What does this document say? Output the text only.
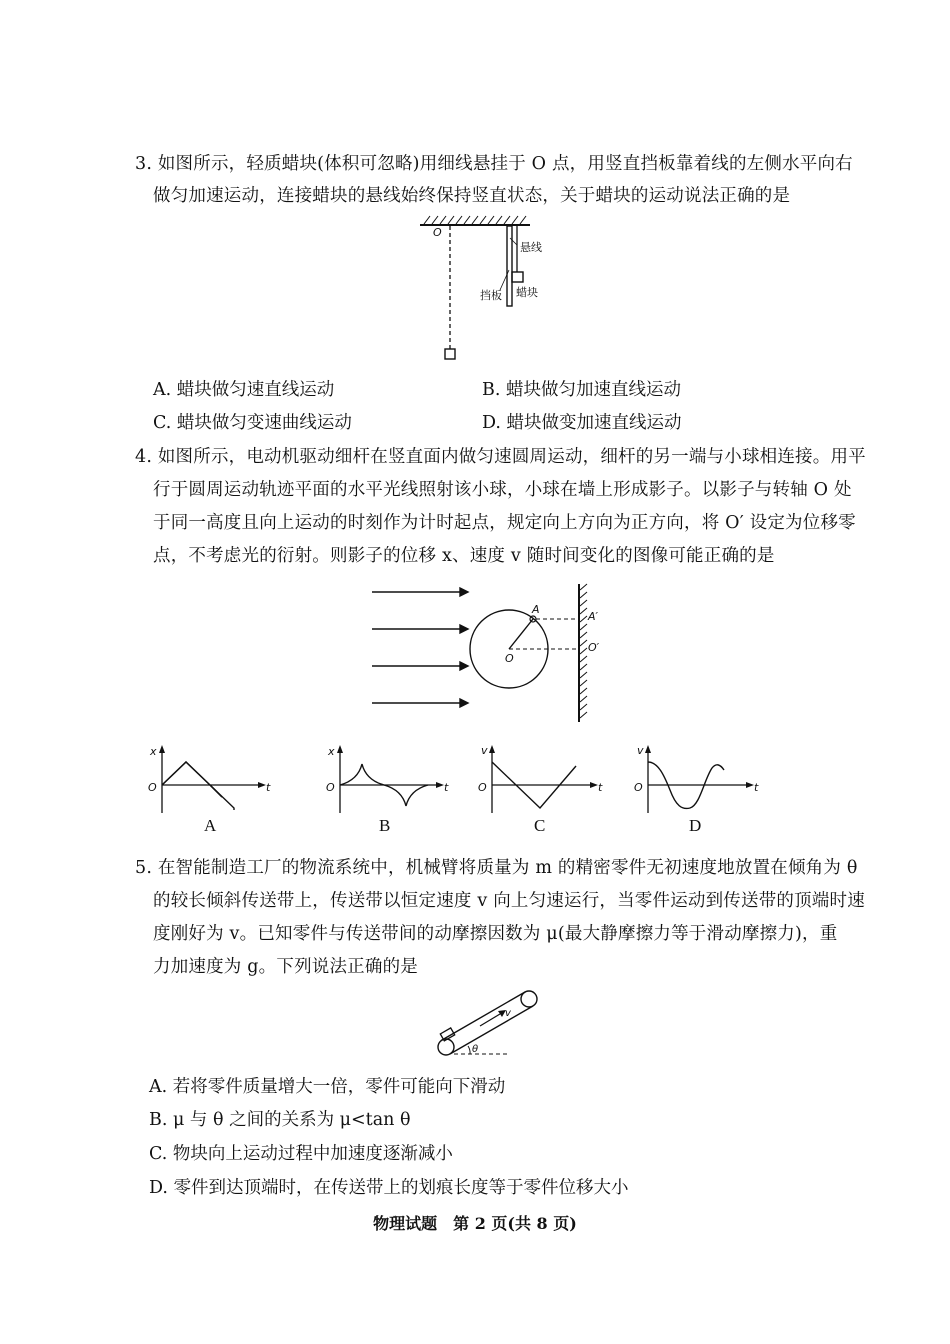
3. 如图所示，轻质蜡块(体积可忽略)用细线悬挂于 O 点，用竖直挡板靠着线的左侧水平向右
做匀加速运动，连接蜡块的悬线始终保持竖直状态，关于蜡块的运动说法正确的是
O
悬线
挡板 蜡块
A. 蜡块做匀速直线运动	B. 蜡块做匀加速直线运动
C. 蜡块做匀变速曲线运动	D. 蜡块做变加速直线运动
4. 如图所示，电动机驱动细杆在竖直面内做匀速圆周运动，细杆的另一端与小球相连接。用平
行于圆周运动轨迹平面的水平光线照射该小球，小球在墙上形成影子。以影子与转轴 O 处
于同一高度且向上运动的时刻作为计时起点，规定向上方向为正方向，将 O′ 设定为位移零
点，不考虑光的衍射。则影子的位移 x、速度 v 随时间变化的图像可能正确的是
A
A′
O
O′
x
O	t
x
O	t
v
O	t
v
O	t
A	B	C	D
5. 在智能制造工厂的物流系统中，机械臂将质量为 m 的精密零件无初速度地放置在倾角为 θ
的较长倾斜传送带上，传送带以恒定速度 v 向上匀速运行，当零件运动到传送带的顶端时速
度刚好为 v。已知零件与传送带间的动摩擦因数为 μ(最大静摩擦力等于滑动摩擦力)，重
力加速度为 g。下列说法正确的是
v
θ
A. 若将零件质量增大一倍，零件可能向下滑动
B. μ 与 θ 之间的关系为 μ<tan θ
C. 物块向上运动过程中加速度逐渐减小
D. 零件到达顶端时，在传送带上的划痕长度等于零件位移大小
物理试题　第 2 页(共 8 页)
